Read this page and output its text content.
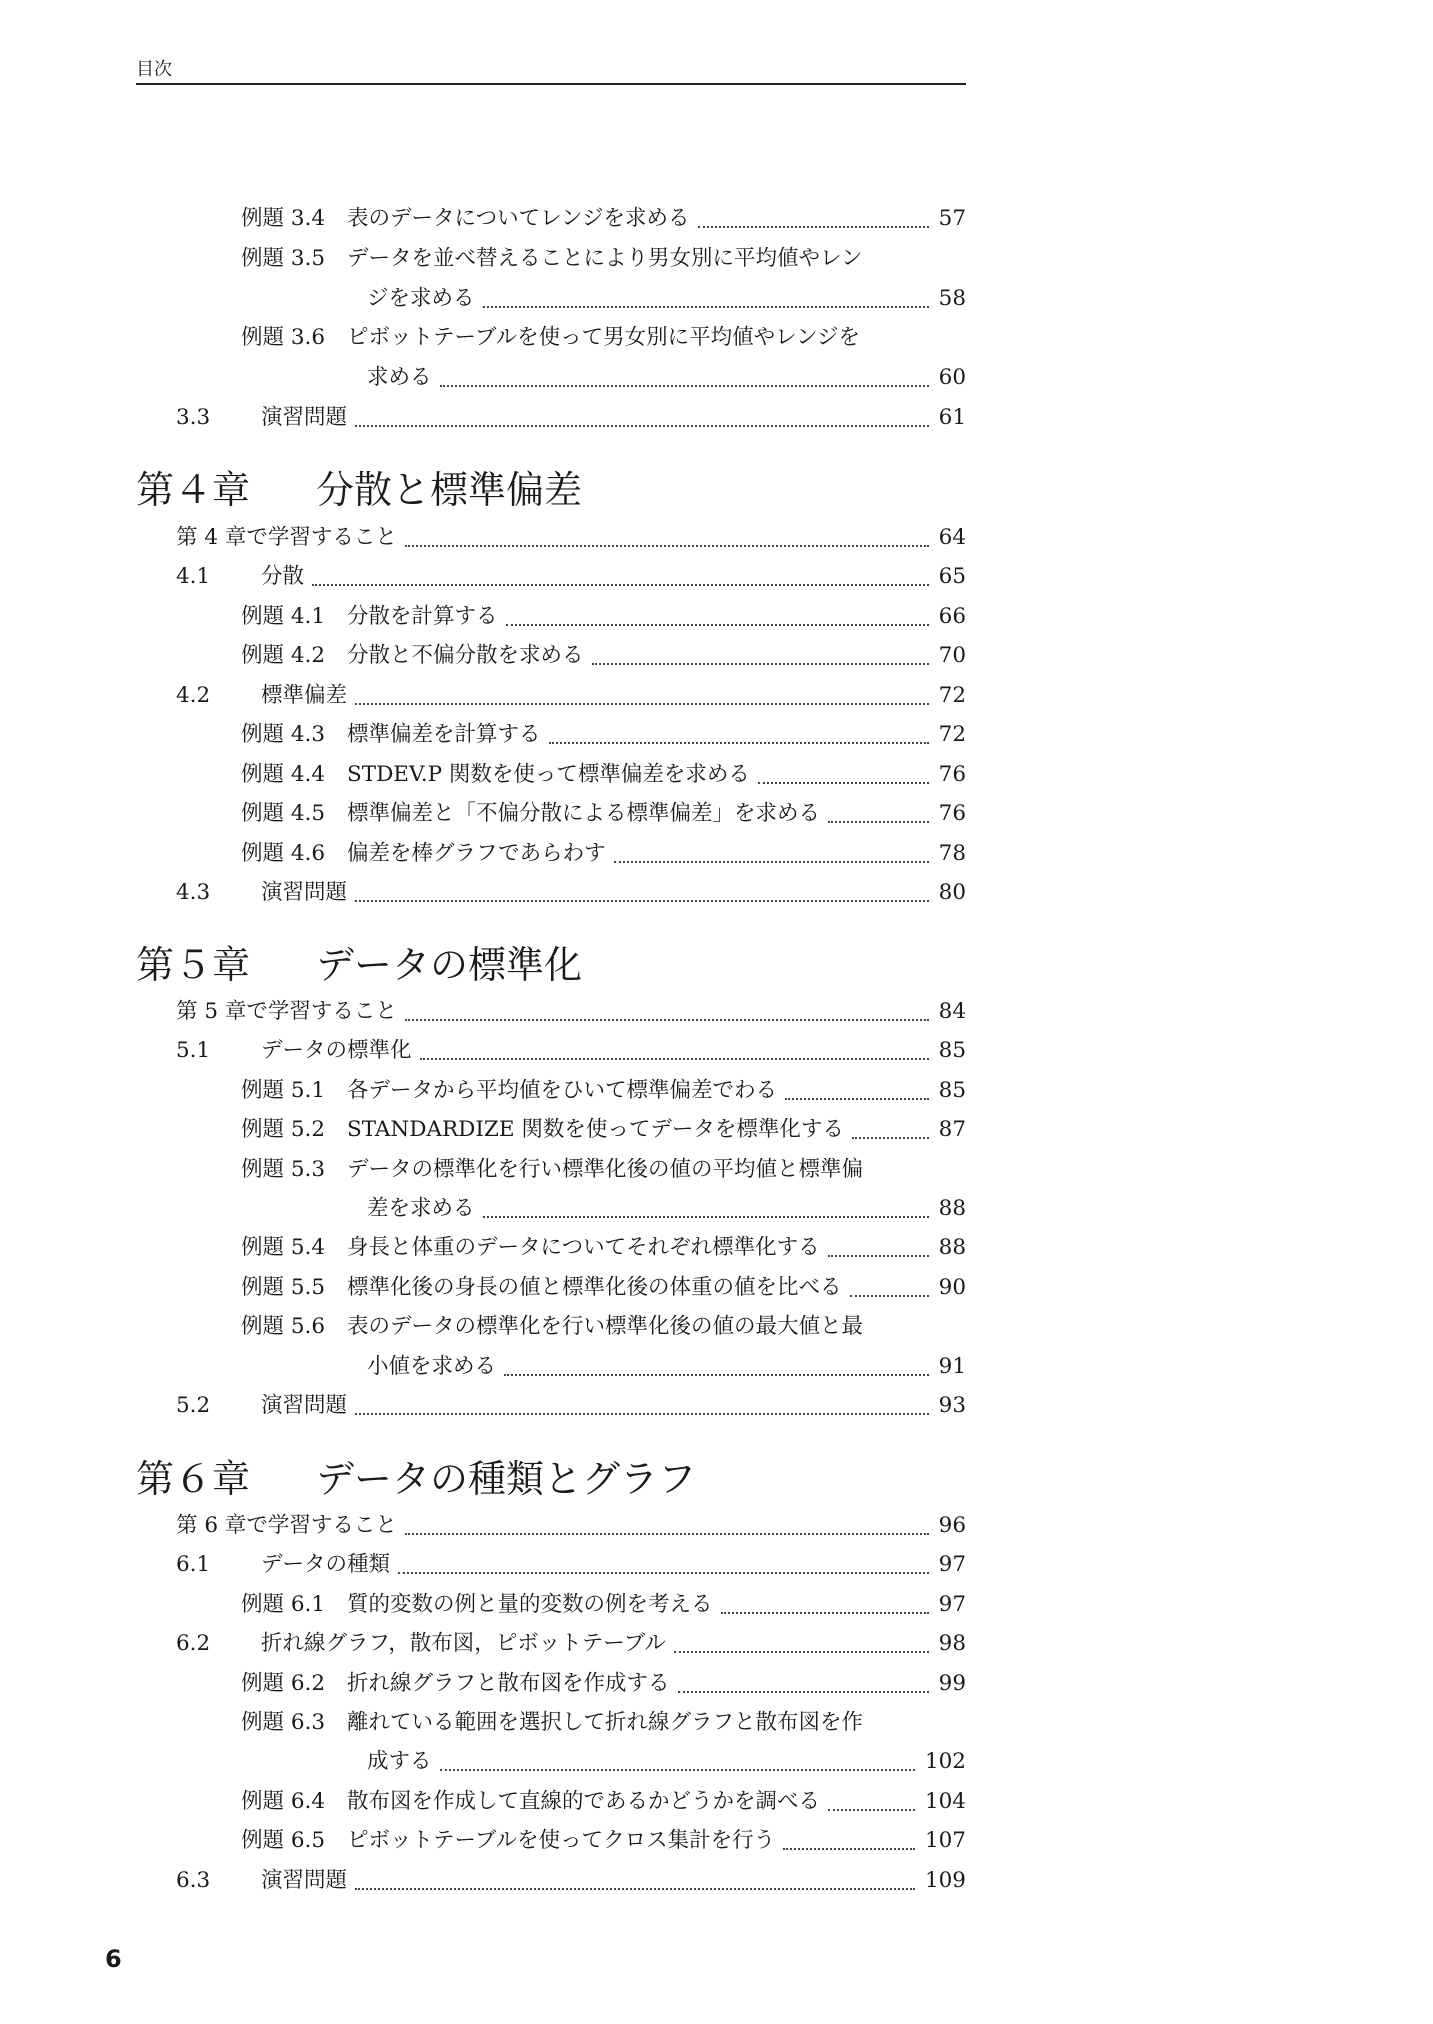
目次
例題 3.4 表のデータについてレンジを求める	57
例題 3.5 データを並べ替えることにより男女別に平均値やレン
ジを求める	58
例題 3.6 ピボットテーブルを使って男女別に平均値やレンジを
求める	60
3.3 演習問題	61
第４章 分散と標準偏差
第 4 章で学習すること	64
4.1 分散	65
例題 4.1 分散を計算する	66
例題 4.2 分散と不偏分散を求める	70
4.2 標準偏差	72
例題 4.3 標準偏差を計算する	72
例題 4.4 STDEV.P 関数を使って標準偏差を求める	76
例題 4.5 標準偏差と「不偏分散による標準偏差」を求める	76
例題 4.6 偏差を棒グラフであらわす	78
4.3 演習問題	80
第５章 データの標準化
第 5 章で学習すること	84
5.1 データの標準化	85
例題 5.1 各データから平均値をひいて標準偏差でわる	85
例題 5.2 STANDARDIZE 関数を使ってデータを標準化する	87
例題 5.3 データの標準化を行い標準化後の値の平均値と標準偏
差を求める	88
例題 5.4 身長と体重のデータについてそれぞれ標準化する	88
例題 5.5 標準化後の身長の値と標準化後の体重の値を比べる	90
例題 5.6 表のデータの標準化を行い標準化後の値の最大値と最
小値を求める	91
5.2 演習問題	93
第６章 データの種類とグラフ
第 6 章で学習すること	96
6.1 データの種類	97
例題 6.1 質的変数の例と量的変数の例を考える	97
6.2 折れ線グラフ，散布図，ピボットテーブル	98
例題 6.2 折れ線グラフと散布図を作成する	99
例題 6.3 離れている範囲を選択して折れ線グラフと散布図を作
成する	102
例題 6.4 散布図を作成して直線的であるかどうかを調べる	104
例題 6.5 ピボットテーブルを使ってクロス集計を行う	107
6.3 演習問題	109
6
